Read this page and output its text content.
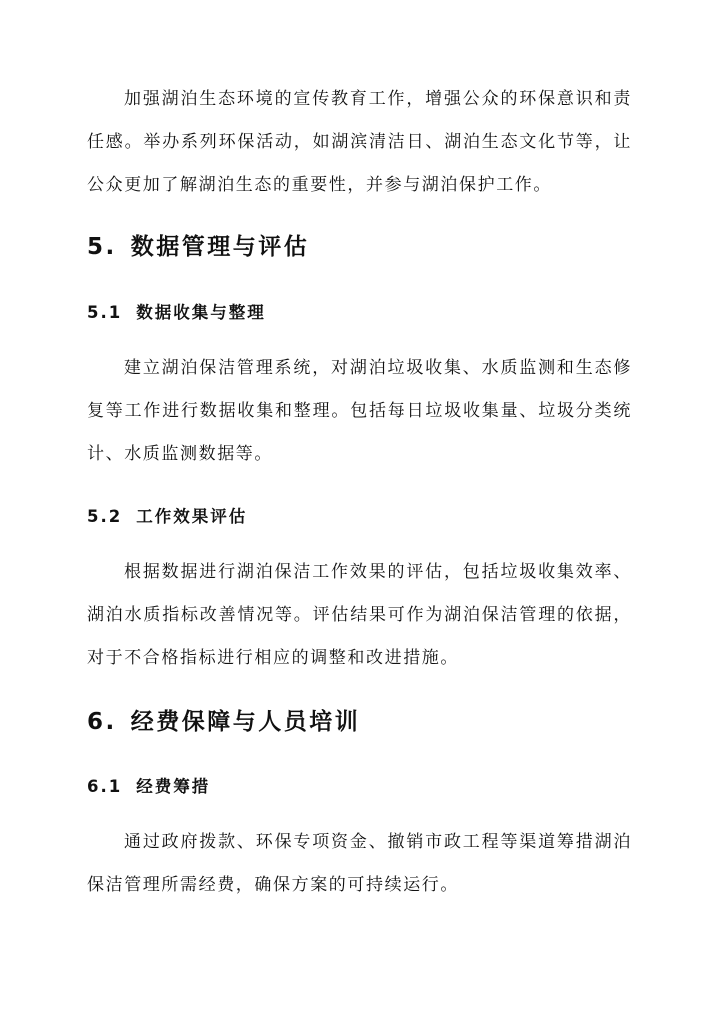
加强湖泊生态环境的宣传教育工作，增强公众的环保意识和责任感。举办系列环保活动，如湖滨清洁日、湖泊生态文化节等，让公众更加了解湖泊生态的重要性，并参与湖泊保护工作。

5. 数据管理与评估
5.1 数据收集与整理

建立湖泊保洁管理系统，对湖泊垃圾收集、水质监测和生态修复等工作进行数据收集和整理。包括每日垃圾收集量、垃圾分类统计、水质监测数据等。

5.2 工作效果评估

根据数据进行湖泊保洁工作效果的评估，包括垃圾收集效率、湖泊水质指标改善情况等。评估结果可作为湖泊保洁管理的依据，对于不合格指标进行相应的调整和改进措施。

6. 经费保障与人员培训
6.1 经费筹措

通过政府拨款、环保专项资金、撤销市政工程等渠道筹措湖泊保洁管理所需经费，确保方案的可持续运行。
